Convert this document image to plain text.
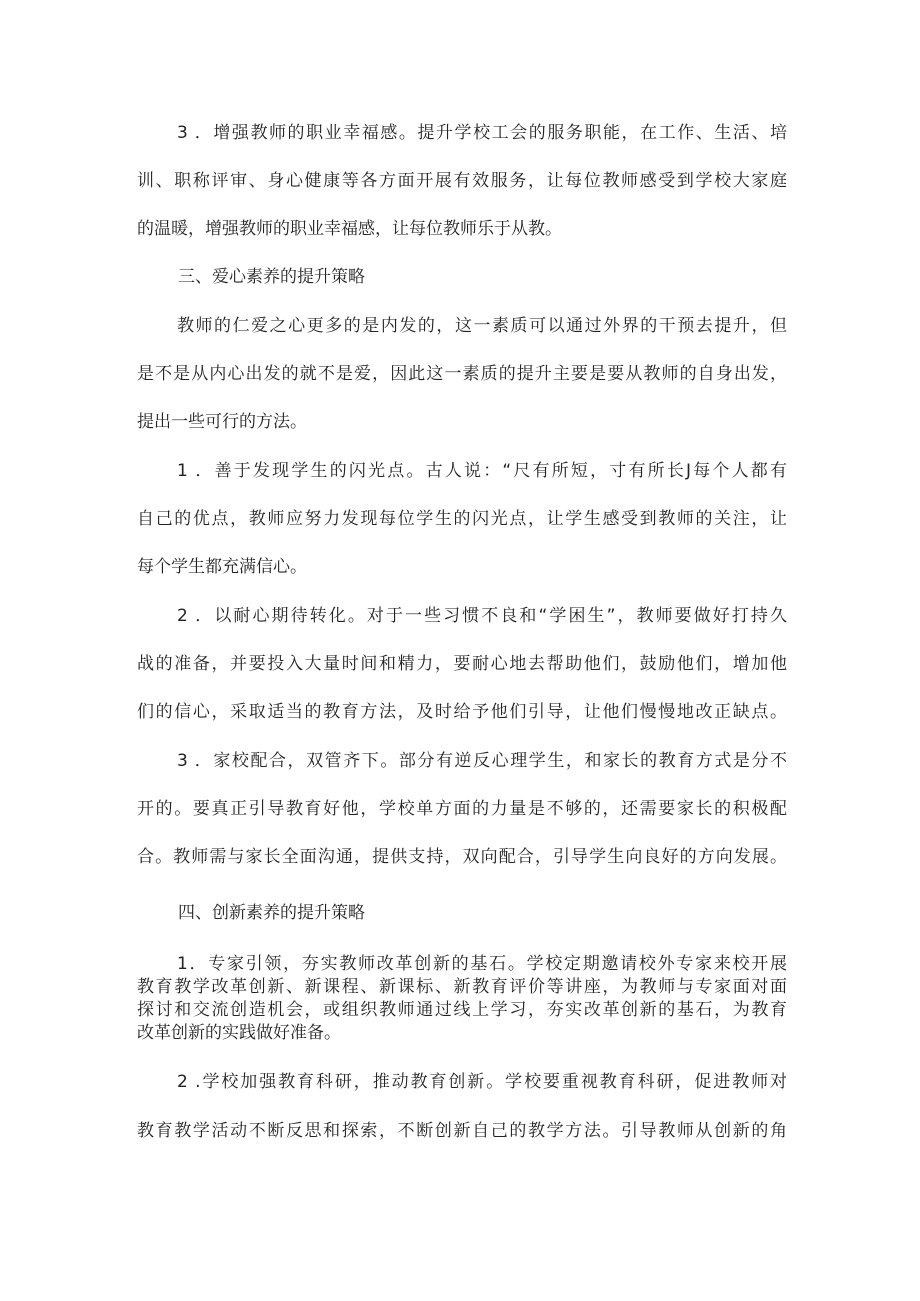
3 ．增强教师的职业幸福感。提升学校工会的服务职能，在工作、生活、培
训、职称评审、身心健康等各方面开展有效服务，让每位教师感受到学校大家庭
的温暖，增强教师的职业幸福感，让每位教师乐于从教。
三、爱心素养的提升策略
教师的仁爱之心更多的是内发的，这一素质可以通过外界的干预去提升，但
是不是从内心出发的就不是爱，因此这一素质的提升主要是要从教师的自身出发，
提出一些可行的方法。
1 ．善于发现学生的闪光点。古人说：“尺有所短，寸有所长J每个人都有
自己的优点，教师应努力发现每位学生的闪光点，让学生感受到教师的关注，让
每个学生都充满信心。
2 ．以耐心期待转化。对于一些习惯不良和“学困生”，教师要做好打持久
战的准备，并要投入大量时间和精力，要耐心地去帮助他们，鼓励他们，增加他
们的信心，采取适当的教育方法，及时给予他们引导，让他们慢慢地改正缺点。
3 ．家校配合，双管齐下。部分有逆反心理学生，和家长的教育方式是分不
开的。要真正引导教育好他，学校单方面的力量是不够的，还需要家长的积极配
合。教师需与家长全面沟通，提供支持，双向配合，引导学生向良好的方向发展。
四、创新素养的提升策略
1．专家引领，夯实教师改革创新的基石。学校定期邀请校外专家来校开展
教育教学改革创新、新课程、新课标、新教育评价等讲座，为教师与专家面对面
探讨和交流创造机会，或组织教师通过线上学习，夯实改革创新的基石，为教育
改革创新的实践做好准备。
2 .学校加强教育科研，推动教育创新。学校要重视教育科研，促进教师对
教育教学活动不断反思和探索，不断创新自己的教学方法。引导教师从创新的角
